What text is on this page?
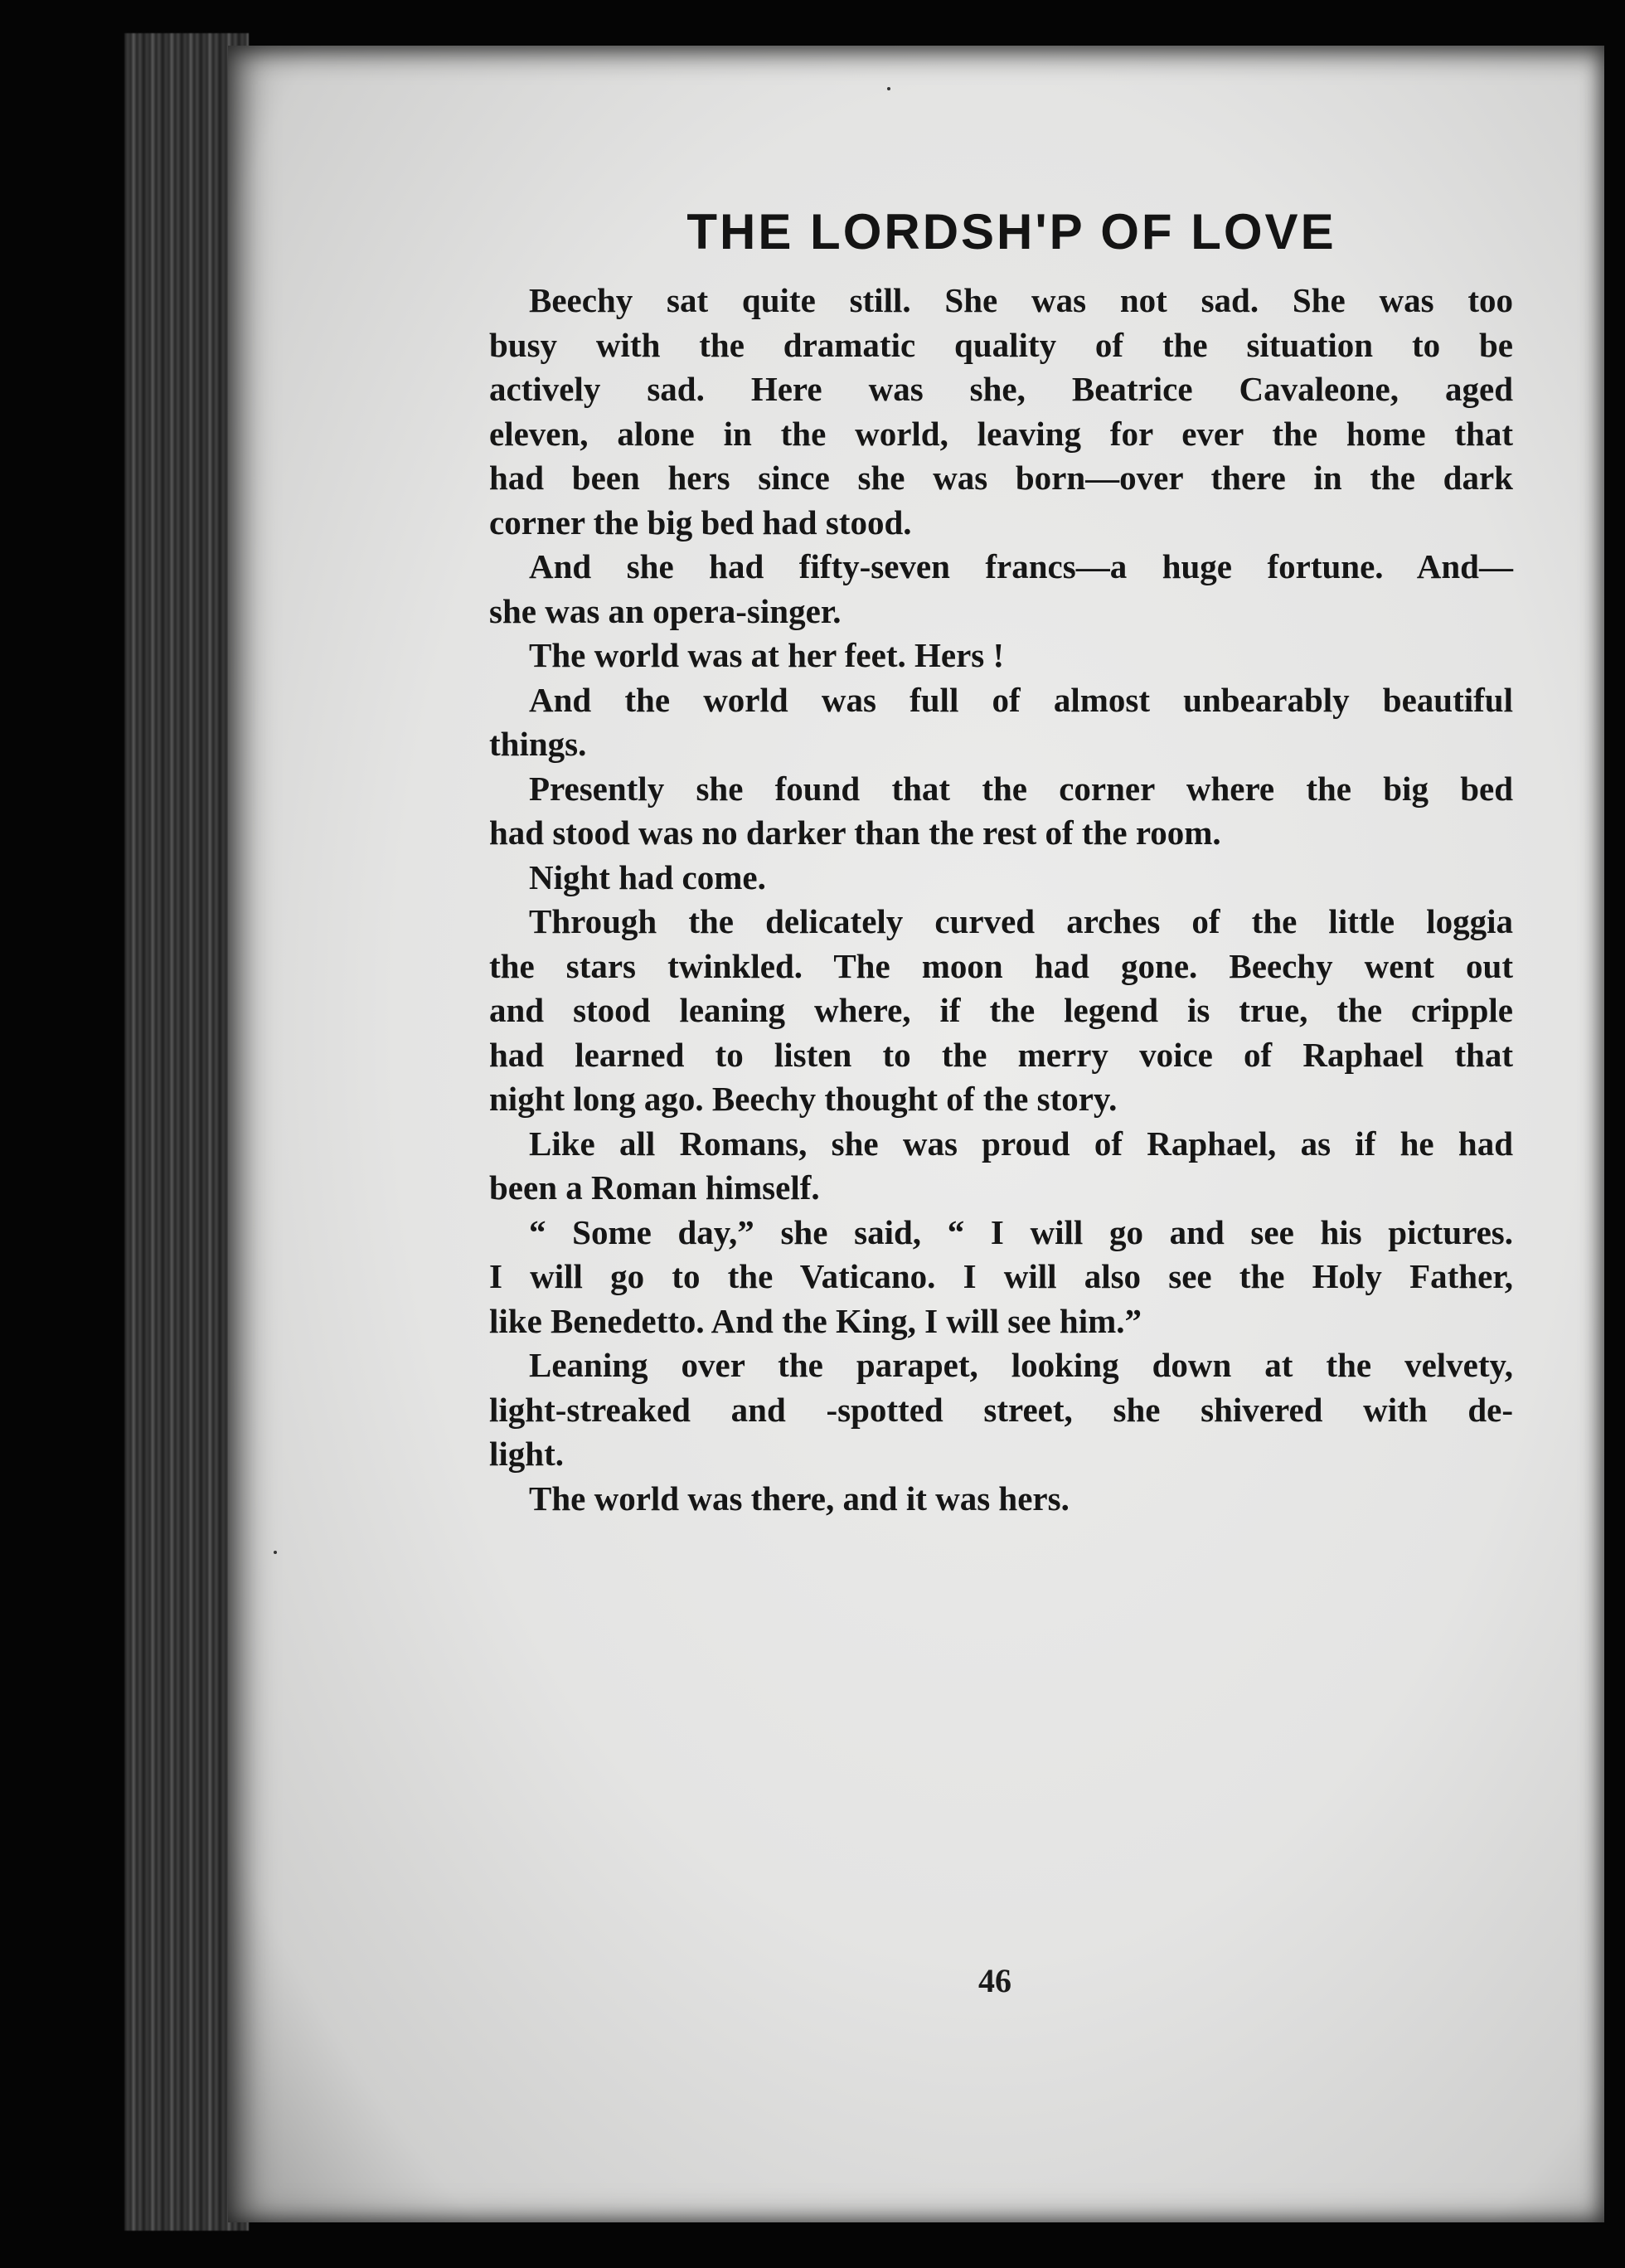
THE LORDSH'P OF LOVE
Beechy sat quite still. She was not sad. She was too
busy with the dramatic quality of the situation to be
actively sad. Here was she, Beatrice Cavaleone, aged
eleven, alone in the world, leaving for ever the home that
had been hers since she was born—over there in the dark
corner the big bed had stood.
And she had fifty-seven francs—a huge fortune. And—
she was an opera-singer.
The world was at her feet. Hers !
And the world was full of almost unbearably beautiful
things.
Presently she found that the corner where the big bed
had stood was no darker than the rest of the room.
Night had come.
Through the delicately curved arches of the little loggia
the stars twinkled. The moon had gone. Beechy went out
and stood leaning where, if the legend is true, the cripple
had learned to listen to the merry voice of Raphael that
night long ago. Beechy thought of the story.
Like all Romans, she was proud of Raphael, as if he had
been a Roman himself.
“ Some day,” she said, “ I will go and see his pictures.
I will go to the Vaticano. I will also see the Holy Father,
like Benedetto. And the King, I will see him.”
Leaning over the parapet, looking down at the velvety,
light-streaked and -spotted street, she shivered with de-
light.
The world was there, and it was hers.
46
